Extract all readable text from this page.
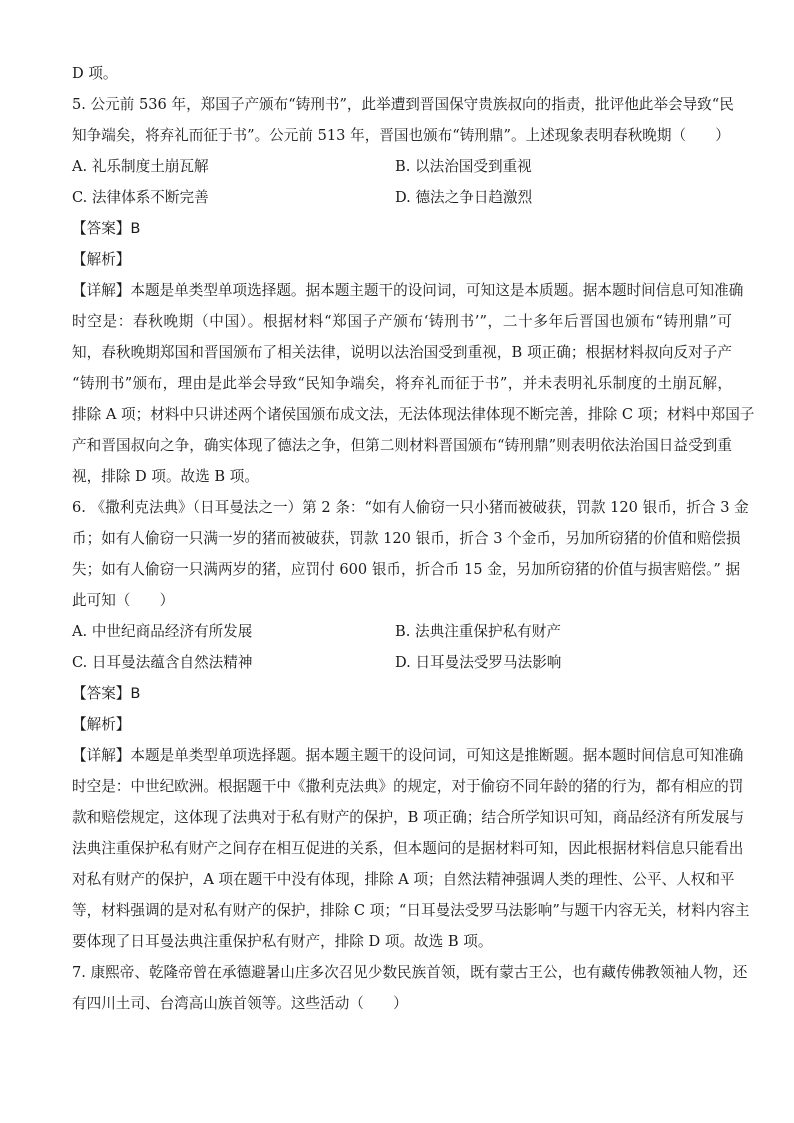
D 项。
5. 公元前 536 年，郑国子产颁布“铸刑书”，此举遭到晋国保守贵族叔向的指责，批评他此举会导致“民
知争端矣，将弃礼而征于书”。公元前 513 年，晋国也颁布“铸刑鼎”。上述现象表明春秋晚期（　　）
A. 礼乐制度土崩瓦解	B. 以法治国受到重视
C. 法律体系不断完善	D. 德法之争日趋激烈
【答案】B
【解析】
【详解】本题是单类型单项选择题。据本题主题干的设问词，可知这是本质题。据本题时间信息可知准确
时空是：春秋晚期（中国）。根据材料“郑国子产颁布‘铸刑书’”，二十多年后晋国也颁布“铸刑鼎”可
知，春秋晚期郑国和晋国颁布了相关法律，说明以法治国受到重视，B 项正确；根据材料叔向反对子产
“铸刑书”颁布，理由是此举会导致“民知争端矣，将弃礼而征于书”，并未表明礼乐制度的土崩瓦解，
排除 A 项；材料中只讲述两个诸侯国颁布成文法，无法体现法律体现不断完善，排除 C 项；材料中郑国子
产和晋国叔向之争，确实体现了德法之争，但第二则材料晋国颁布“铸刑鼎”则表明依法治国日益受到重
视，排除 D 项。故选 B 项。
6. 《撒利克法典》（日耳曼法之一）第 2 条：“如有人偷窃一只小猪而被破获，罚款 120 银币，折合 3 金
币；如有人偷窃一只满一岁的猪而被破获，罚款 120 银币，折合 3 个金币，另加所窃猪的价值和赔偿损
失；如有人偷窃一只满两岁的猪，应罚付 600 银币，折合币 15 金，另加所窃猪的价值与损害赔偿。” 据
此可知（　　）
A. 中世纪商品经济有所发展	B. 法典注重保护私有财产
C. 日耳曼法蕴含自然法精神	D. 日耳曼法受罗马法影响
【答案】B
【解析】
【详解】本题是单类型单项选择题。据本题主题干的设问词，可知这是推断题。据本题时间信息可知准确
时空是：中世纪欧洲。根据题干中《撒利克法典》的规定，对于偷窃不同年龄的猪的行为，都有相应的罚
款和赔偿规定，这体现了法典对于私有财产的保护，B 项正确；结合所学知识可知，商品经济有所发展与
法典注重保护私有财产之间存在相互促进的关系，但本题问的是据材料可知，因此根据材料信息只能看出
对私有财产的保护，A 项在题干中没有体现，排除 A 项；自然法精神强调人类的理性、公平、人权和平
等，材料强调的是对私有财产的保护，排除 C 项；“日耳曼法受罗马法影响”与题干内容无关，材料内容主
要体现了日耳曼法典注重保护私有财产，排除 D 项。故选 B 项。
7. 康熙帝、乾隆帝曾在承德避暑山庄多次召见少数民族首领，既有蒙古王公，也有藏传佛教领袖人物，还
有四川土司、台湾高山族首领等。这些活动（　　）
